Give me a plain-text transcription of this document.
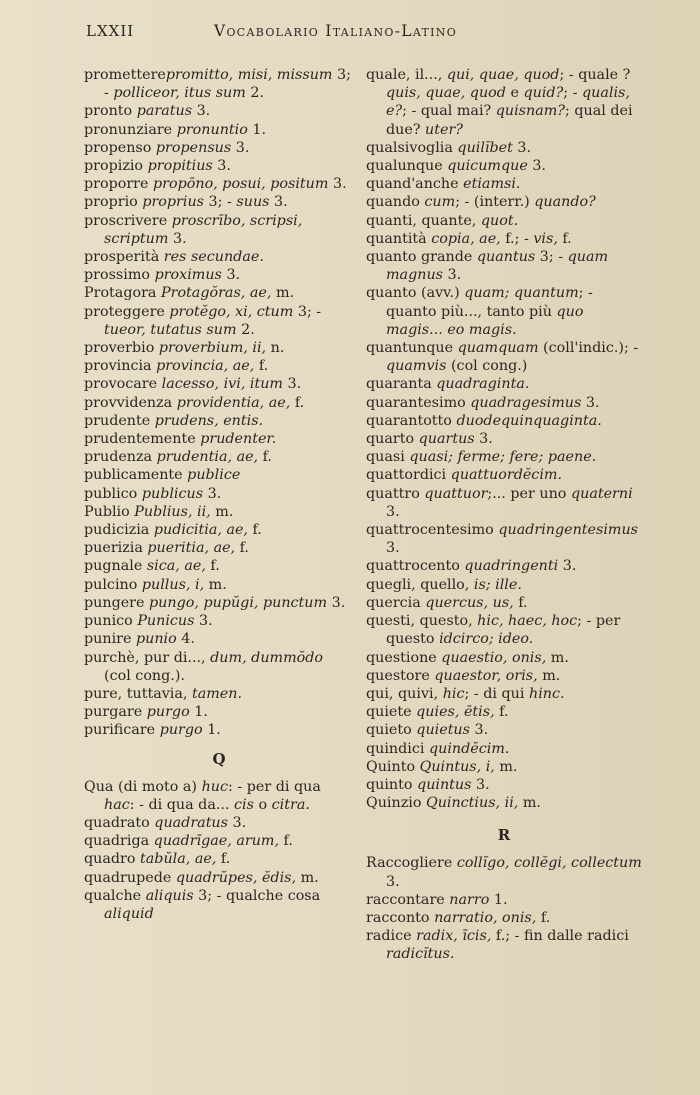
LXXII	Vocabolario Italiano-Latino

prometterepromitto, misi, missum 3; - polliceor, itus sum 2.

pronto paratus 3.

pronunziare pronuntio 1.

propenso propensus 3.

propizio propitius 3.

proporre propōno, posui, positum 3.

proprio proprius 3; - suus 3.

proscrivere proscrībo, scripsi, scriptum 3.

prosperità res secundae.

prossimo proximus 3.

Protagora Protagŏras, ae, m.

proteggere protĕgo, xi, ctum 3; - tueor, tutatus sum 2.

proverbio proverbium, ii, n.

provincia provincia, ae, f.

provocare lacesso, ivi, itum 3.

provvidenza providentia, ae, f.

prudente prudens, entis.

prudentemente prudenter.

prudenza prudentia, ae, f.

publicamente publice

publico publicus 3.

Publio Publius, ii, m.

pudicizia pudicitia, ae, f.

puerizia pueritia, ae, f.

pugnale sica, ae, f.

pulcino pullus, i, m.

pungere pungo, pupŭgi, punctum 3.

punico Punicus 3.

punire punio 4.

purchè, pur di..., dum, dummŏdo (col cong.).

pure, tuttavia, tamen.

purgare purgo 1.

purificare purgo 1.

Q

Qua (di moto a) huc: - per di qua hac: - di qua da... cis o citra.

quadrato quadratus 3.

quadriga quadrīgae, arum, f.

quadro tabŭla, ae, f.

quadrupede quadrŭpes, ĕdis, m.

qualche aliquis 3; - qualche cosa aliquid

quale, il..., qui, quae, quod; - quale ? quis, quae, quod e quid?; - qualis, e?; - qual mai? quisnam?; qual dei due? uter?

qualsivoglia quilĭbet 3.

qualunque quicumque 3.

quand'anche etiamsi.

quando cum; - (interr.) quando?

quanti, quante, quot.

quantità copia, ae, f.; - vis, f.

quanto grande quantus 3; - quam magnus 3.

quanto (avv.) quam; quantum; - quanto più..., tanto più quo magis... eo magis.

quantunque quamquam (coll'indic.); - quamvis (col cong.)

quaranta quadraginta.

quarantesimo quadragesimus 3.

quarantotto duodequinquaginta.

quarto quartus 3.

quasi quasi; ferme; fere; paene.

quattordici quattuordĕcim.

quattro quattuor;... per uno quaterni 3.

quattrocentesimo quadringentesimus 3.

quattrocento quadringenti 3.

quegli, quello, is; ille.

quercia quercus, us, f.

questi, questo, hic, haec, hoc; - per questo idcirco; ideo.

questione quaestio, onis, m.

questore quaestor, oris, m.

qui, quivi, hic; - di qui hinc.

quiete quies, ētis, f.

quieto quietus 3.

quindici quindĕcim.

Quinto Quintus, i, m.

quinto quintus 3.

Quinzio Quinctius, ii, m.

R

Raccogliere collĭgo, collĕgi, collectum 3.

raccontare narro 1.

racconto narratio, onis, f.

radice radix, īcis, f.; - fin dalle radici radicĭtus.
